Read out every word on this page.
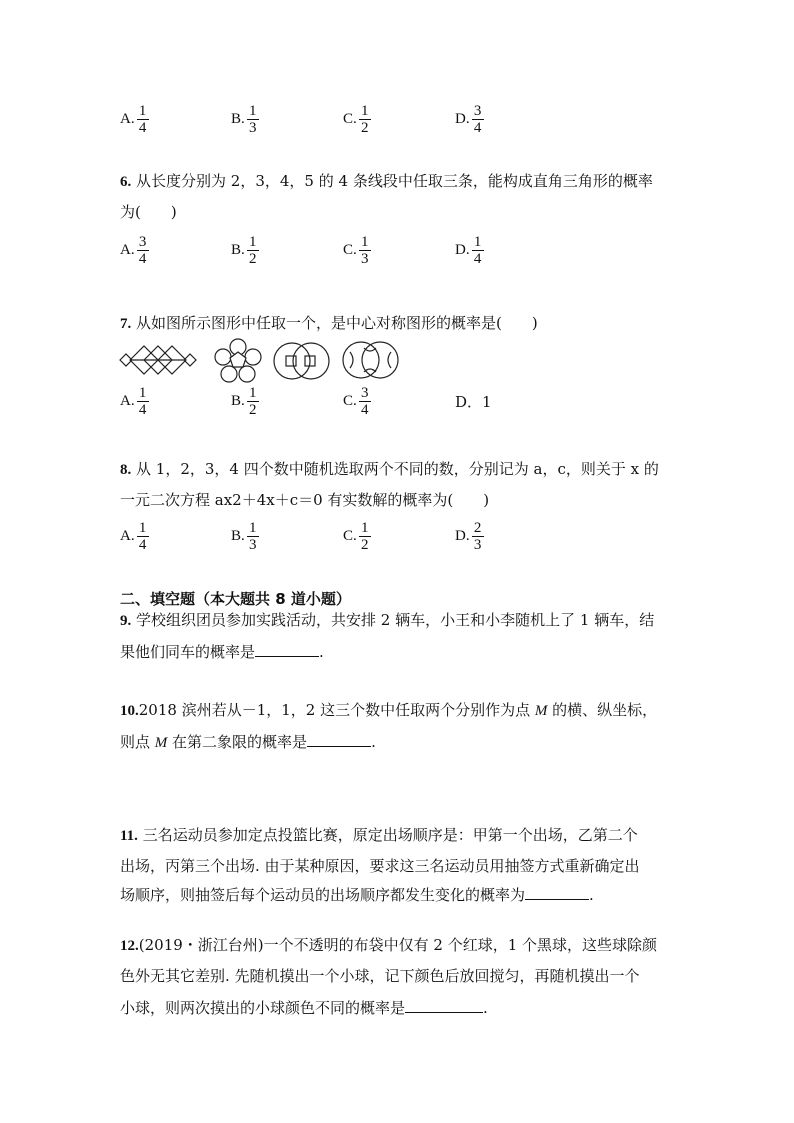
A. $\frac{1}{4}$	B. $\frac{1}{3}$	C. $\frac{1}{2}$	D. $\frac{3}{4}$
6. 从长度分别为 2，3，4，5 的 4 条线段中任取三条，能构成直角三角形的概率
为(　　)
A. $\frac{3}{4}$	B. $\frac{1}{2}$	C. $\frac{1}{3}$	D. $\frac{1}{4}$
7. 从如图所示图形中任取一个，是中心对称图形的概率是(　　)
A. $\frac{1}{4}$	B. $\frac{1}{2}$	C. $\frac{3}{4}$	D．1
8. 从 1，2，3，4 四个数中随机选取两个不同的数，分别记为 a，c，则关于 x 的
一元二次方程 ax2＋4x＋c＝0 有实数解的概率为(　　)
A. $\frac{1}{4}$	B. $\frac{1}{3}$	C. $\frac{1}{2}$	D. $\frac{2}{3}$
二、填空题（本大题共 8 道小题）
9. 学校组织团员参加实践活动，共安排 2 辆车，小王和小李随机上了 1 辆车，结
果他们同车的概率是	.
10.2018 滨州若从－1，1，2 这三个数中任取两个分别作为点 M 的横、纵坐标，
则点 M 在第二象限的概率是	.
11. 三名运动员参加定点投篮比赛，原定出场顺序是：甲第一个出场，乙第二个
出场，丙第三个出场. 由于某种原因，要求这三名运动员用抽签方式重新确定出
场顺序，则抽签后每个运动员的出场顺序都发生变化的概率为	.
12.(2019・浙江台州)一个不透明的布袋中仅有 2 个红球，1 个黑球，这些球除颜
色外无其它差别. 先随机摸出一个小球，记下颜色后放回搅匀，再随机摸出一个
小球，则两次摸出的小球颜色不同的概率是	.
